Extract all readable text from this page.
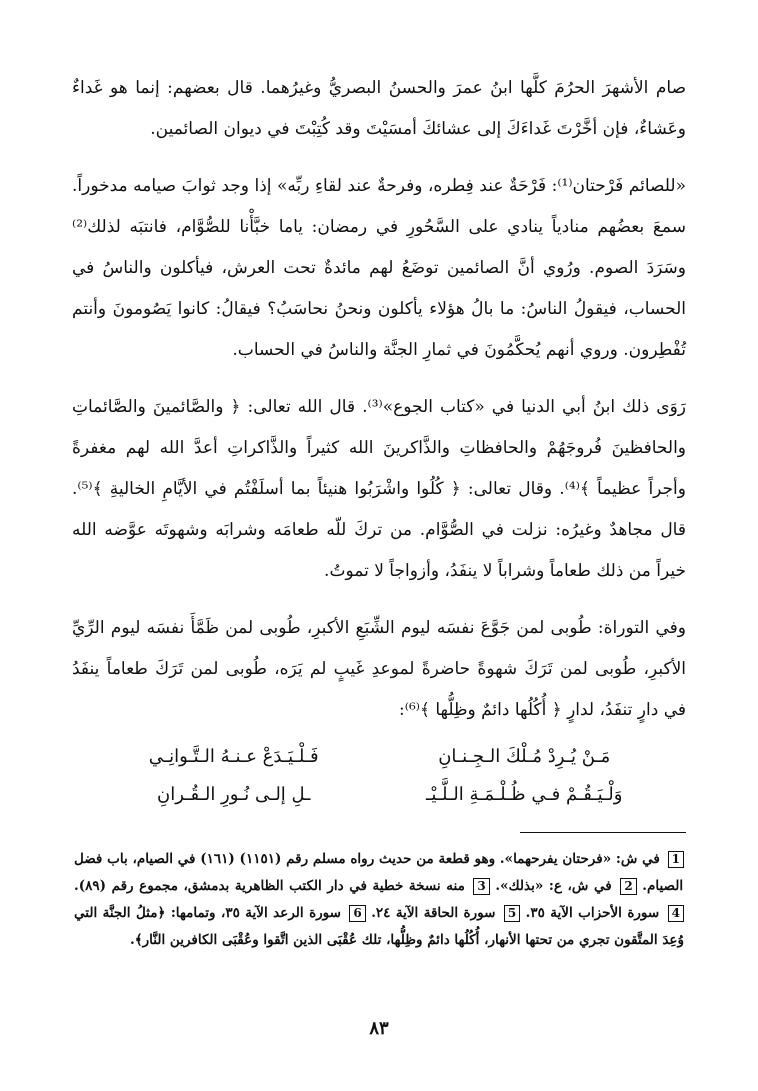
صام الأشهرَ الحرُمَ كلَّها ابنُ عمرَ والحسنُ البصريُّ وغيرُهما. قال بعضهم: إنما هو غَداءٌ وعَشاءٌ، فإن أخَّرْتَ غَداءَكَ إلى عشائكَ أمسَيْتَ وقد كُتِبْتَ في ديوان الصائمين.

«للصائم فَرْحتان⁽¹⁾: فَرْحَةٌ عند فِطره، وفرحةٌ عند لقاءِ ربِّه» إذا وجد ثوابَ صيامه مدخوراً. سمعَ بعضُهم منادياً ينادي على السَّحُورِ في رمضان: ياما خبَّأْنا للصُّوَّام، فانتبَه لذلك⁽²⁾ وسَرَدَ الصوم. ورُوي أنَّ الصائمين توضَعُ لهم مائدةٌ تحت العرش، فيأكلون والناسُ في الحساب، فيقولُ الناسُ: ما بالُ هؤلاء يأكلون ونحنُ نحاسَبُ؟ فيقالُ: كانوا يَصُومونَ وأنتم تُفْطِرون. وروي أنهم يُحكَّمُونَ في ثمارِ الجنَّة والناسُ في الحساب.

رَوَى ذلك ابنُ أبي الدنيا في «كتاب الجوع»⁽³⁾. قال الله تعالى: ﴿ والصَّائمينَ والصَّائماتِ والحافظينَ فُروجَهُمْ والحافظاتِ والذَّاكرينَ الله كثيراً والذَّاكراتِ أعدَّ الله لهم مغفرةً وأجراً عظيماً ﴾⁽⁴⁾. وقال تعالى: ﴿ كُلُوا واشْرَبُوا هنيئاً بما أسلَفْتُم في الأيَّامِ الخاليةِ ﴾⁽⁵⁾. قال مجاهدٌ وغيرُه: نزلت في الصُّوَّام. من تركَ للّه طعامَه وشرابَه وشهوتَه عوَّضه الله خيراً من ذلك طعاماً وشراباً لا ينفَدُ، وأزواجاً لا تموتُ.

وفي التوراة: طُوبى لمن جَوَّعَ نفسَه ليوم الشِّبَعِ الأكبرِ، طُوبى لمن ظَمَّأَ نفسَه ليوم الرِّيِّ الأكبرِ، طُوبى لمن تَرَكَ شهوةً حاضرةً لموعدِ غَيبٍ لم يَرَه، طُوبى لمن تَرَكَ طعاماً ينفَدُ في دارٍ تنفَدُ، لدارٍ ﴿ أُكُلُها دائمٌ وظِلُّها ﴾⁽⁶⁾:

مَـنْ يُـرِدْ مُـلْكَ الـجِـنـانِ
فَـلْـيَـدَعْ عـنـهُ الـتَّـوانِـي
وَلْـيَـقُـمْ فـي ظُـلْـمَـةِ الـلَّـيْـ
ـلِ إلـى نُـورِ الـقُـرانِ
1 في ش: «فرحتان يفرحهما». وهو قطعة من حديث رواه مسلم رقم (١١٥١) (١٦١) في الصيام، باب فضل الصيام. 2 في ش، ع: «بذلك». 3 منه نسخة خطية في دار الكتب الظاهرية بدمشق، مجموع رقم (٨٩). 4 سورة الأحزاب الآية ٣٥. 5 سورة الحاقة الآية ٢٤. 6 سورة الرعد الآية ٣٥، وتمامها: ﴿مثلُ الجنَّة التي وُعِدَ المتَّقون تجري من تحتها الأنهار، أُكُلُها دائمٌ وظِلُّها، تلك عُقْبَى الذين اتَّقوا وعُقْبَى الكافرين النَّار﴾.
٨٣
